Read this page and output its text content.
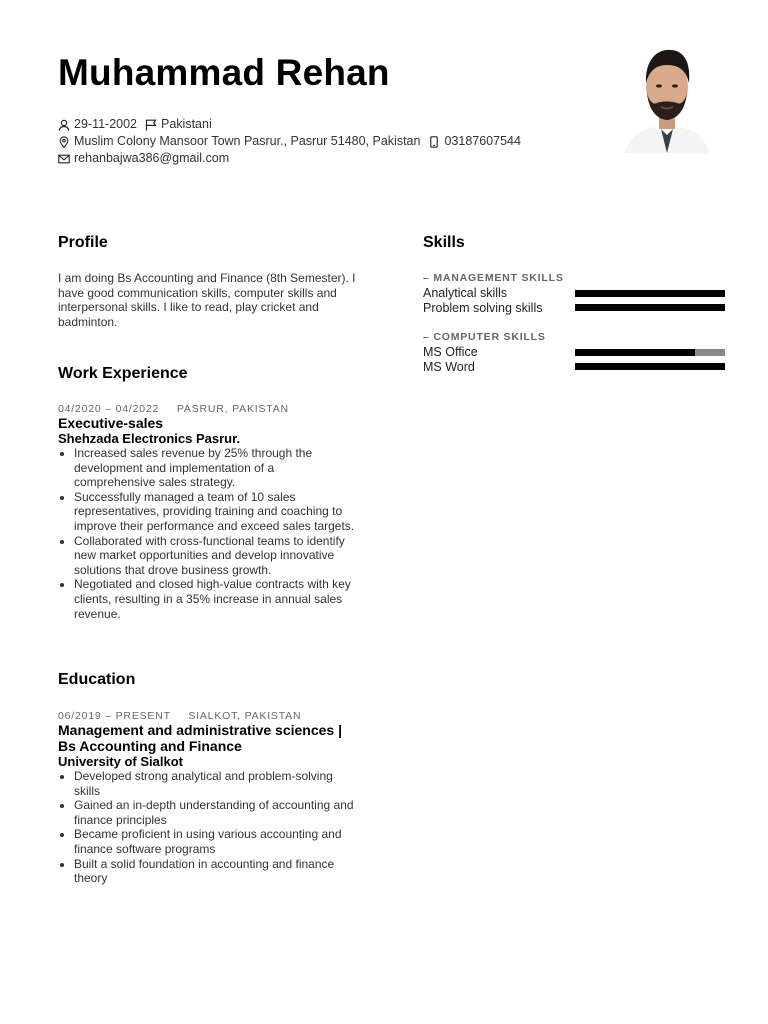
Muhammad Rehan
29-11-2002 Pakistani
Muslim Colony Mansoor Town Pasrur., Pasrur 51480, Pakistan 03187607544
rehanbajwa386@gmail.com
Profile

I am doing Bs Accounting and Finance (8th Semester). I have good communication skills, computer skills and interpersonal skills. I like to read, play cricket and badminton.

Work Experience
04/2020 – 04/2022 PASRUR, PAKISTAN
Executive-sales
Shehzada Electronics Pasrur.
• Increased sales revenue by 25% through the development and implementation of a comprehensive sales strategy.
• Successfully managed a team of 10 sales representatives, providing training and coaching to improve their performance and exceed sales targets.
• Collaborated with cross-functional teams to identify new market opportunities and develop innovative solutions that drove business growth.
• Negotiated and closed high-value contracts with key clients, resulting in a 35% increase in annual sales revenue.
Education
06/2019 – PRESENT SIALKOT, PAKISTAN
Management and administrative sciences | Bs Accounting and Finance
University of Sialkot
• Developed strong analytical and problem-solving skills
• Gained an in-depth understanding of accounting and finance principles
• Became proficient in using various accounting and finance software programs
• Built a solid foundation in accounting and finance theory
Skills
– MANAGEMENT SKILLS
Analytical skills
Problem solving skills
– COMPUTER SKILLS
MS Office
MS Word
